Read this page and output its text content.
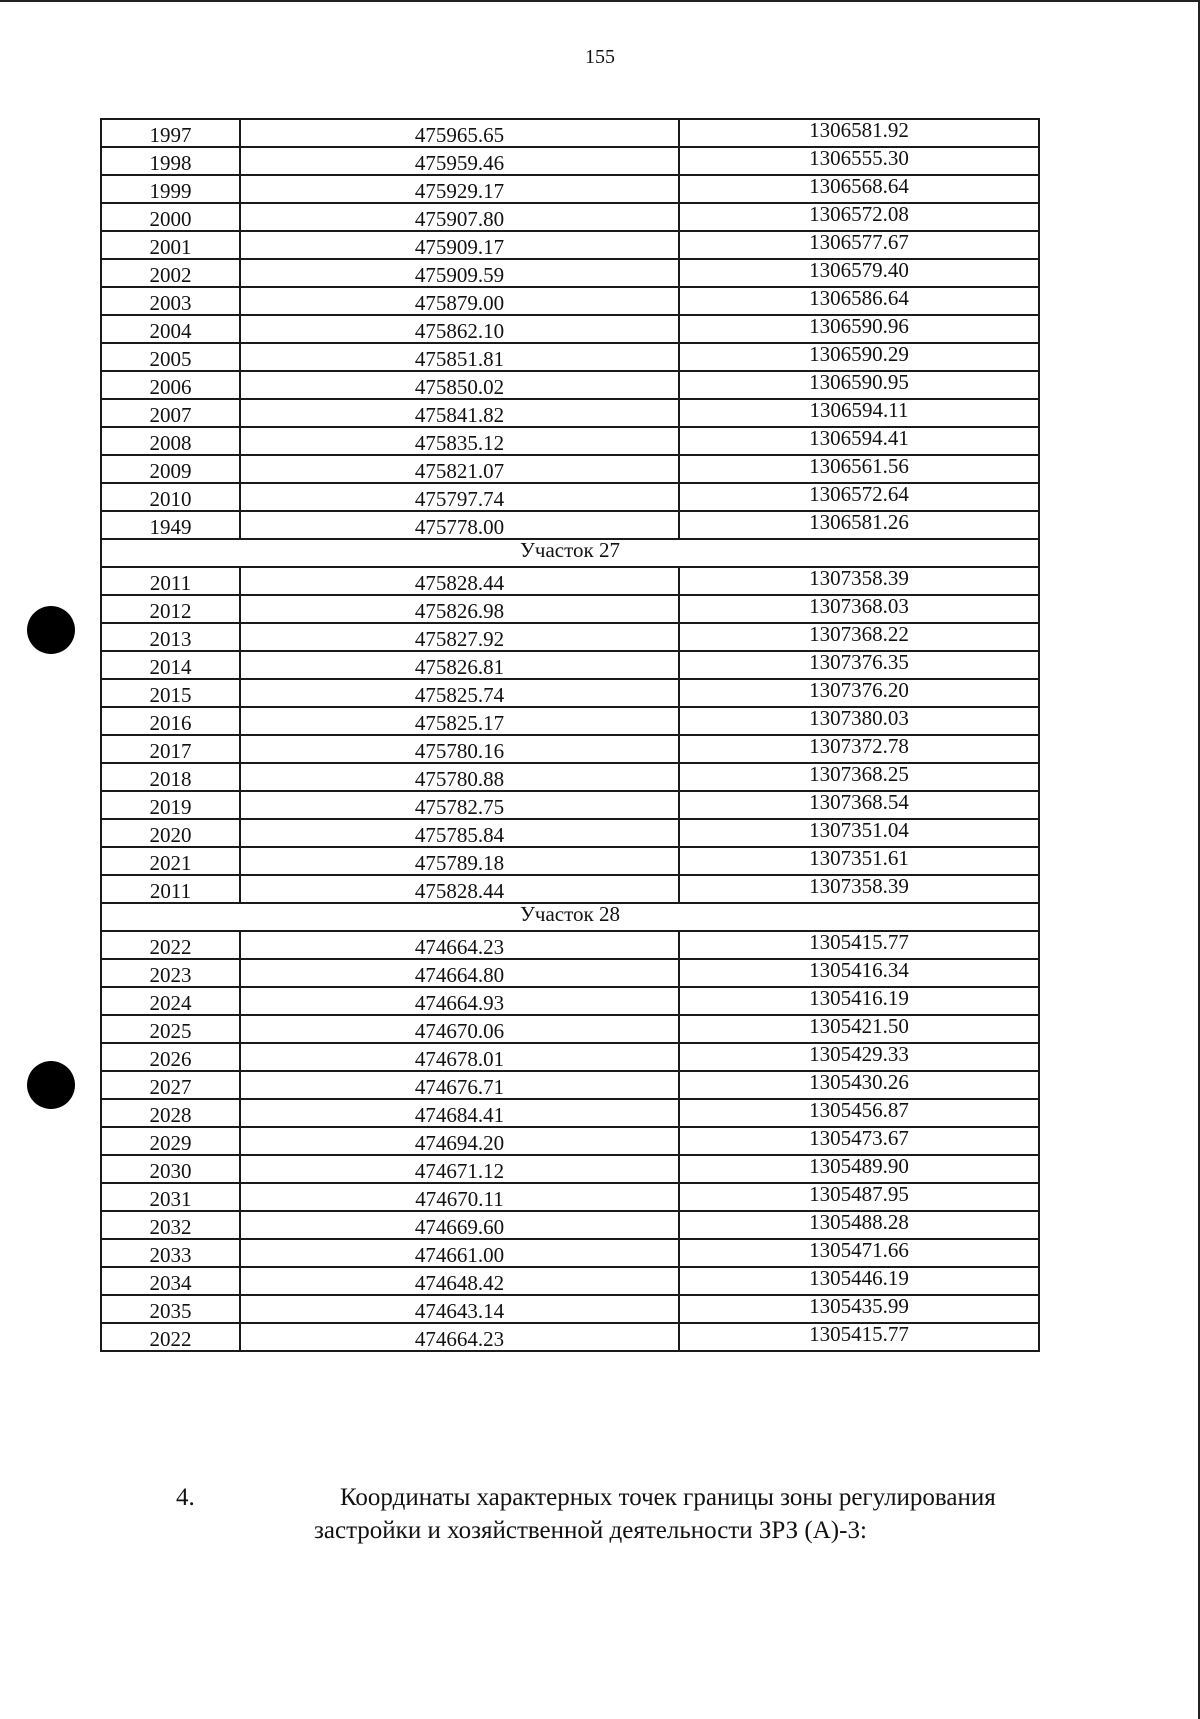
155
1997	475965.65	1306581.92
1998	475959.46	1306555.30
1999	475929.17	1306568.64
2000	475907.80	1306572.08
2001	475909.17	1306577.67
2002	475909.59	1306579.40
2003	475879.00	1306586.64
2004	475862.10	1306590.96
2005	475851.81	1306590.29
2006	475850.02	1306590.95
2007	475841.82	1306594.11
2008	475835.12	1306594.41
2009	475821.07	1306561.56
2010	475797.74	1306572.64
1949	475778.00	1306581.26
Участок 27		
2011	475828.44	1307358.39
2012	475826.98	1307368.03
2013	475827.92	1307368.22
2014	475826.81	1307376.35
2015	475825.74	1307376.20
2016	475825.17	1307380.03
2017	475780.16	1307372.78
2018	475780.88	1307368.25
2019	475782.75	1307368.54
2020	475785.84	1307351.04
2021	475789.18	1307351.61
2011	475828.44	1307358.39
Участок 28		
2022	474664.23	1305415.77
2023	474664.80	1305416.34
2024	474664.93	1305416.19
2025	474670.06	1305421.50
2026	474678.01	1305429.33
2027	474676.71	1305430.26
2028	474684.41	1305456.87
2029	474694.20	1305473.67
2030	474671.12	1305489.90
2031	474670.11	1305487.95
2032	474669.60	1305488.28
2033	474661.00	1305471.66
2034	474648.42	1305446.19
2035	474643.14	1305435.99
2022	474664.23	1305415.77
4.	Координаты характерных точек границы зоны регулирования
застройки и хозяйственной деятельности ЗРЗ (А)-3:
